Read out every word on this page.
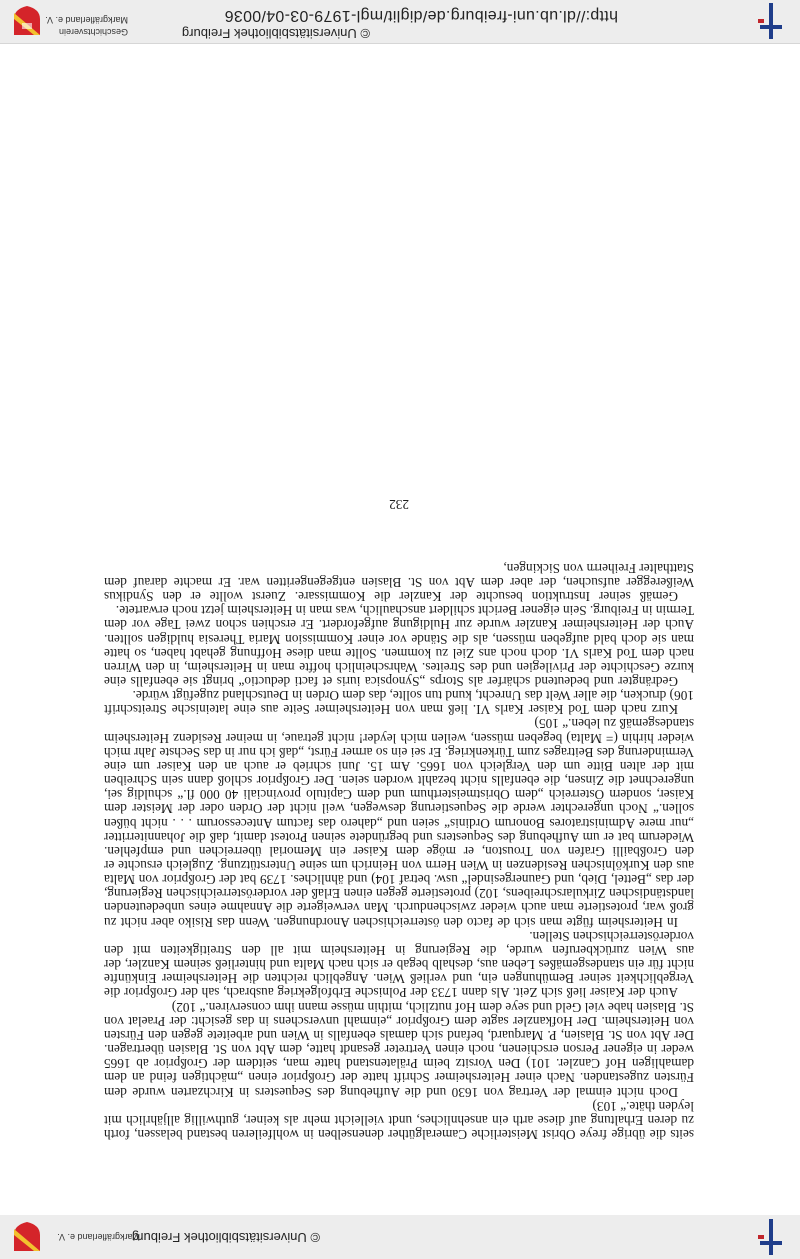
© Universitätsbibliothek Freiburg
Markgräflerland e. V.

seits die übrige freye Obrist Meisterliche Cameralgüther denenselben in wohlfeileren bestand belassen, forth zu deren Erhaltung auf diese arth ein ansehnliches, undt vielleicht mehr als keiner, guthwillig alljährlich mit leyden thäte.“ 103)

Doch nicht einmal der Vertrag von 1630 und die Aufhebung des Sequesters in Kirchzarten wurde dem Fürsten zugestanden. Nach einer Heitersheimer Schrift hatte der Großprior einen „mächtigen feind an dem damahligen Hof Canzler. 101) Den Vorsitz beim Prälatenstand hatte man, seitdem der Großprior ab 1665 weder in eigener Person erschienen, noch einen Vertreter gesandt hatte, dem Abt von St. Blasien übertragen. Der Abt von St. Blasien, P. Marquard, befand sich damals ebenfalls in Wien und arbeitete gegen den Fürsten von Heitersheim. Der Hofkanzler sagte dem Großprior „einmahl unverschens in das gesicht: der Praelat von St. Blasien habe viel Geld und seye dem Hof nutzlich, mithin müsse mann ihm conserviren.“ 102)

Auch der Kaiser ließ sich Zeit. Als dann 1733 der Polnische Erbfolgekrieg ausbrach, sah der Großprior die Vergeblichkeit seiner Bemühungen ein, und verließ Wien. Angeblich reichten die Heitersheimer Einkünfte nicht für ein standesgemäßes Leben aus, deshalb begab er sich nach Malta und hinterließ seinem Kanzler, der aus Wien zurückberufen wurde, die Regierung in Heitersheim mit all den Streitigkeiten mit den vorderösterreichischen Stellen.

In Heitersheim fügte man sich de facto den österreichischen Anordnungen. Wenn das Risiko aber nicht zu groß war, protestierte man auch wieder zwischendurch. Man verweigerte die Annahme eines unbedeutenden landständischen Zirkularschreibens, 102) protestierte gegen einen Erlaß der vorderösterreichischen Regierung, der das „Bettel, Dieb, und Gaunergesindel“ usw. betraf 104) und ähnliches. 1739 bat der Großprior von Malta aus den Kurkölnischen Residenzen in Wien Herrn von Heinrich um seine Unterstützung. Zugleich ersuchte er den Großbailli Grafen von Trouston, er möge dem Kaiser ein Memorial überreichen und empfehlen. Wiederum bat er um Aufhebung des Sequesters und begründete seinen Protest damit, daß die Johanniterritter „nur mere Administratores Bonorum Ordinis“ seien und „dahero das factum Antecessorum . . . nicht büßen sollen.“ Noch ungerechter werde die Sequestierung deswegen, weil nicht der Orden oder der Meister dem Kaiser, sondern Österreich „dem Obristmeisterthum und dem Capitulo provinciali 40 000 fl.“ schuldig sei, ungerechnet die Zinsen, die ebenfalls nicht bezahlt worden seien. Der Großprior schloß dann sein Schreiben mit der alten Bitte um den Vergleich von 1665. Am 15. Juni schrieb er auch an den Kaiser um eine Verminderung des Beitrages zum Türkenkrieg. Er sei ein so armer Fürst, „daß ich nur in das Sechste Jahr mich wieder hirhin (= Malta) begeben müssen, weilen mich leyder! nicht getraue, in meiner Residenz Heitersheim standesgemäß zu leben.“ 105)

Kurz nach dem Tod Kaiser Karls VI. ließ man von Heitersheimer Seite aus eine lateinische Streitschrift 106) drucken, die aller Welt das Unrecht, kund tun sollte, das dem Orden in Deutschland zugefügt würde.

Gedrängter und bedeutend schärfer als Storps „Synopsica iuris et facti deductio“ bringt sie ebenfalls eine kurze Geschichte der Privilegien und des Streites. Wahrscheinlich hoffte man in Heitersheim, in den Wirren nach dem Tod Karls VI. doch noch ans Ziel zu kommen. Sollte man diese Hoffnung gehabt haben, so hatte man sie doch bald aufgeben müssen, als die Stände vor einer Kommission Maria Theresia huldigen sollten. Auch der Heitersheimer Kanzler wurde zur Huldigung aufgefordert. Er erschien schon zwei Tage vor dem Termin in Freiburg. Sein eigener Bericht schildert anschaulich, was man in Heitersheim jetzt noch erwartete.

Gemäß seiner Instruktion besuchte der Kanzler die Kommissare. Zuerst wollte er den Syndikus Weißeregger aufsuchen, der aber dem Abt von St. Blasien entgegengeritten war. Er machte darauf dem Statthalter Freiherrn von Sickingen,

232
Geschichtsverein
Markgräflerland e. V.
© Universitätsbibliothek Freiburg
http://dl.ub.uni-freiburg.de/diglit/mgl-1979-03-04/0036
